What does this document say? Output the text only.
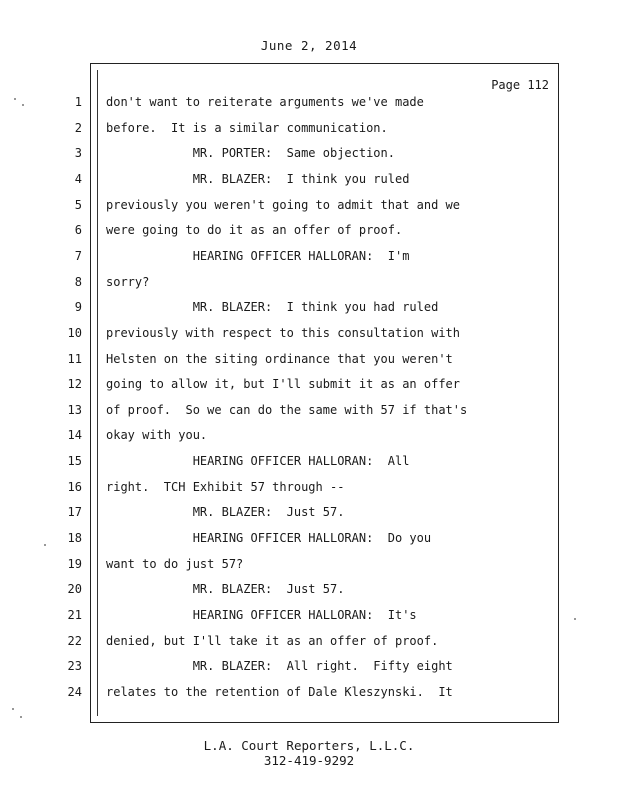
June 2, 2014
Page 112
1 don't want to reiterate arguments we've made
2 before.  It is a similar communication.
3 MR. PORTER:  Same objection.
4 MR. BLAZER:  I think you ruled
5 previously you weren't going to admit that and we
6 were going to do it as an offer of proof.
7 HEARING OFFICER HALLORAN:  I'm
8 sorry?
9 MR. BLAZER:  I think you had ruled
10 previously with respect to this consultation with
11 Helsten on the siting ordinance that you weren't
12 going to allow it, but I'll submit it as an offer
13 of proof.  So we can do the same with 57 if that's
14 okay with you.
15 HEARING OFFICER HALLORAN:  All
16 right.  TCH Exhibit 57 through --
17 MR. BLAZER:  Just 57.
18 HEARING OFFICER HALLORAN:  Do you
19 want to do just 57?
20 MR. BLAZER:  Just 57.
21 HEARING OFFICER HALLORAN:  It's
22 denied, but I'll take it as an offer of proof.
23 MR. BLAZER:  All right.  Fifty eight
24 relates to the retention of Dale Kleszynski.  It
L.A. Court Reporters, L.L.C.
312-419-9292
